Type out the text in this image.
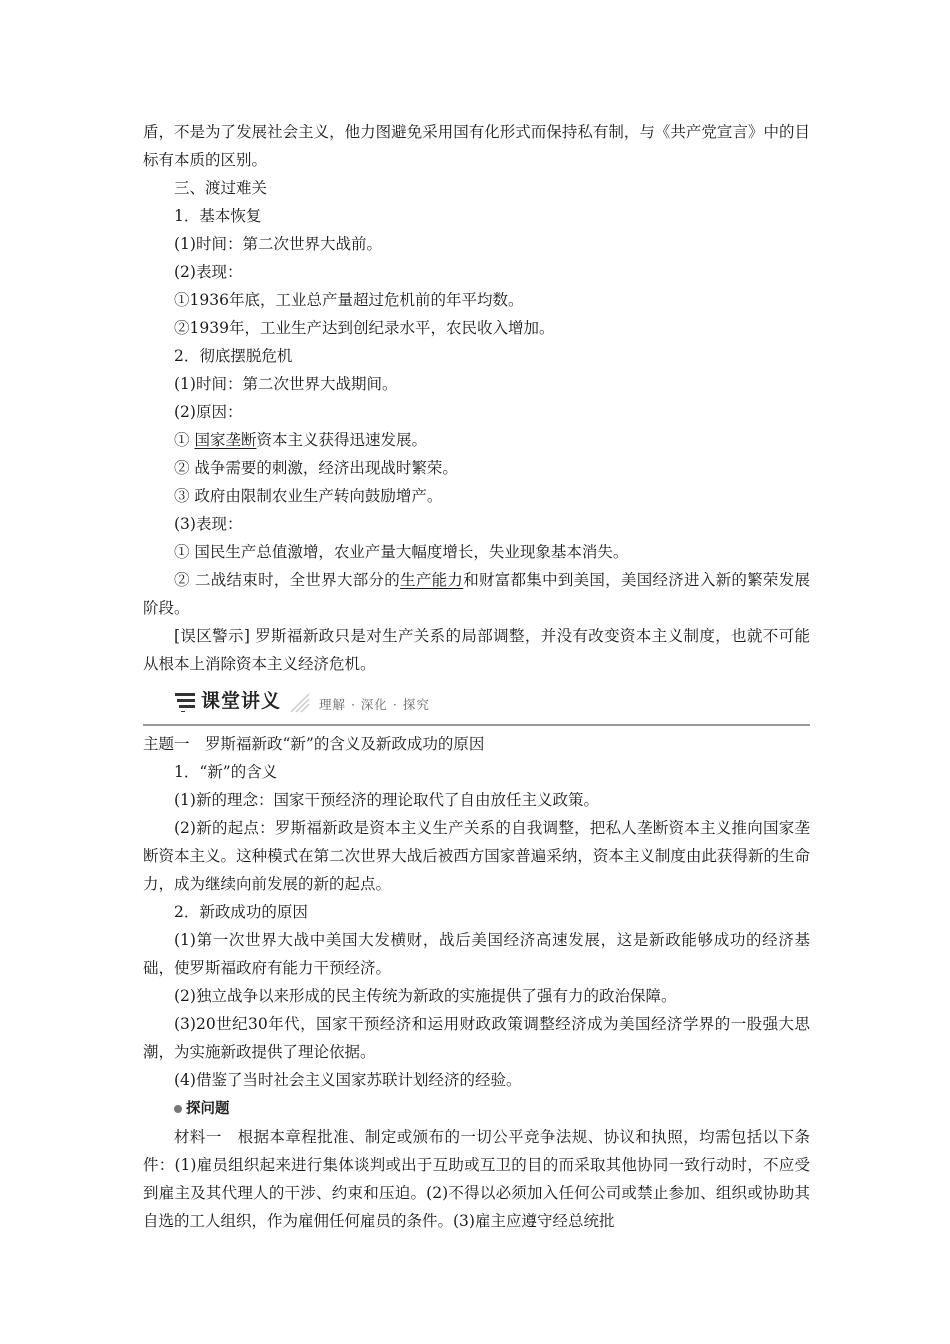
盾，不是为了发展社会主义，他力图避免采用国有化形式而保持私有制，与《共产党宣言》中的目标有本质的区别。

三、渡过难关

1．基本恢复

(1)时间：第二次世界大战前。

(2)表现：

①1936年底，工业总产量超过危机前的年平均数。

②1939年，工业生产达到创纪录水平，农民收入增加。

2．彻底摆脱危机

(1)时间：第二次世界大战期间。

(2)原因：

① 国家垄断资本主义获得迅速发展。

② 战争需要的刺激，经济出现战时繁荣。

③ 政府由限制农业生产转向鼓励增产。

(3)表现：

① 国民生产总值激增，农业产量大幅度增长，失业现象基本消失。

② 二战结束时，全世界大部分的生产能力和财富都集中到美国，美国经济进入新的繁荣发展阶段。

[误区警示] 罗斯福新政只是对生产关系的局部调整，并没有改变资本主义制度，也就不可能从根本上消除资本主义经济危机。

课堂讲义	理解 · 深化 · 探究

主题一　罗斯福新政“新”的含义及新政成功的原因

1．“新”的含义

(1)新的理念：国家干预经济的理论取代了自由放任主义政策。

(2)新的起点：罗斯福新政是资本主义生产关系的自我调整，把私人垄断资本主义推向国家垄断资本主义。这种模式在第二次世界大战后被西方国家普遍采纳，资本主义制度由此获得新的生命力，成为继续向前发展的新的起点。

2．新政成功的原因

(1)第一次世界大战中美国大发横财，战后美国经济高速发展，这是新政能够成功的经济基础，使罗斯福政府有能力干预经济。

(2)独立战争以来形成的民主传统为新政的实施提供了强有力的政治保障。

(3)20世纪30年代，国家干预经济和运用财政政策调整经济成为美国经济学界的一股强大思潮，为实施新政提供了理论依据。

(4)借鉴了当时社会主义国家苏联计划经济的经验。

探问题

材料一　根据本章程批准、制定或颁布的一切公平竞争法规、协议和执照，均需包括以下条件：(1)雇员组织起来进行集体谈判或出于互助或互卫的目的而采取其他协同一致行动时，不应受到雇主及其代理人的干涉、约束和压迫。(2)不得以必须加入任何公司或禁止参加、组织或协助其自选的工人组织，作为雇佣任何雇员的条件。(3)雇主应遵守经总统批
